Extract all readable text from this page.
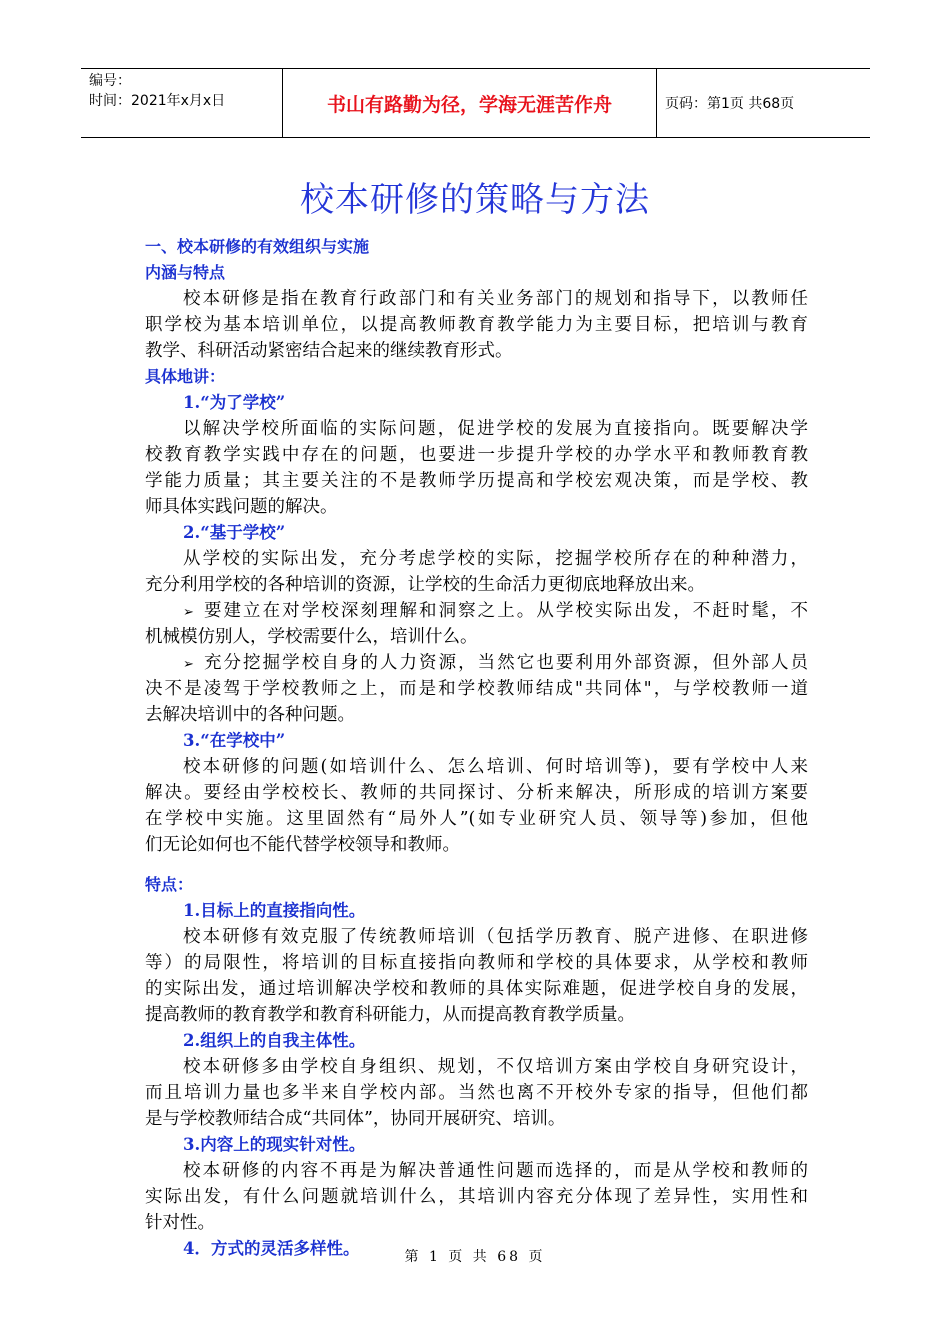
编号：
时间：2021年x月x日	书山有路勤为径，学海无涯苦作舟	页码：第1页 共68页
校本研修的策略与方法
一、校本研修的有效组织与实施
内涵与特点
校本研修是指在教育行政部门和有关业务部门的规划和指导下，以教师任
职学校为基本培训单位，以提高教师教育教学能力为主要目标，把培训与教育
教学、科研活动紧密结合起来的继续教育形式。
具体地讲：
1.“为了学校”
以解决学校所面临的实际问题，促进学校的发展为直接指向。既要解决学
校教育教学实践中存在的问题，也要进一步提升学校的办学水平和教师教育教
学能力质量；其主要关注的不是教师学历提高和学校宏观决策，而是学校、教
师具体实践问题的解决。
2.“基于学校”
从学校的实际出发，充分考虑学校的实际，挖掘学校所存在的种种潜力，
充分利用学校的各种培训的资源，让学校的生命活力更彻底地释放出来。
➢ 要建立在对学校深刻理解和洞察之上。从学校实际出发，不赶时髦，不
机械模仿别人，学校需要什么，培训什么。
➢ 充分挖掘学校自身的人力资源，当然它也要利用外部资源，但外部人员
决不是凌驾于学校教师之上，而是和学校教师结成"共同体"，与学校教师一道
去解决培训中的各种问题。
3.“在学校中”
校本研修的问题(如培训什么、怎么培训、何时培训等)，要有学校中人来
解决。要经由学校校长、教师的共同探讨、分析来解决，所形成的培训方案要
在学校中实施。这里固然有“局外人”(如专业研究人员、领导等)参加，但他
们无论如何也不能代替学校领导和教师。
特点：
1.目标上的直接指向性。
校本研修有效克服了传统教师培训（包括学历教育、脱产进修、在职进修
等）的局限性，将培训的目标直接指向教师和学校的具体要求，从学校和教师
的实际出发，通过培训解决学校和教师的具体实际难题，促进学校自身的发展，
提高教师的教育教学和教育科研能力，从而提高教育教学质量。
2.组织上的自我主体性。
校本研修多由学校自身组织、规划，不仅培训方案由学校自身研究设计，
而且培训力量也多半来自学校内部。当然也离不开校外专家的指导，但他们都
是与学校教师结合成“共同体”，协同开展研究、培训。
3.内容上的现实针对性。
校本研修的内容不再是为解决普通性问题而选择的，而是从学校和教师的
实际出发，有什么问题就培训什么，其培训内容充分体现了差异性，实用性和
针对性。
4．方式的灵活多样性。	第 1 页 共 68 页
